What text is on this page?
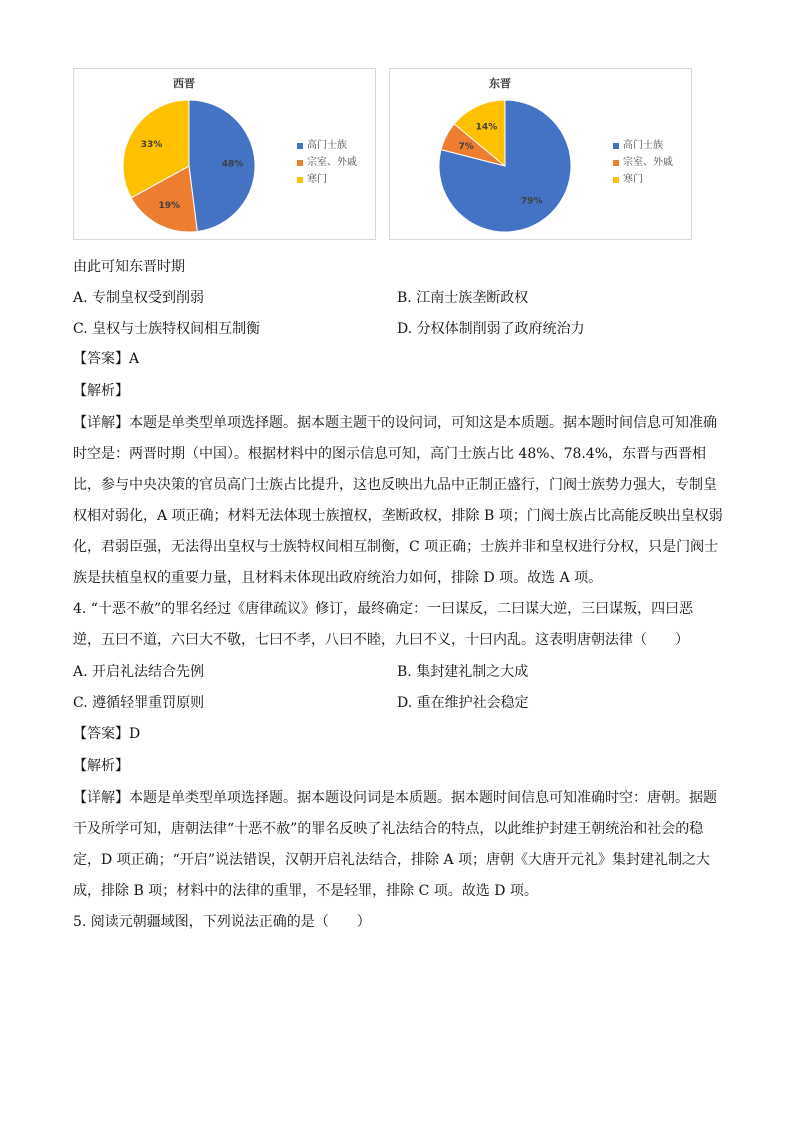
西晋
48%
19%
33%	高门士族
宗室、外戚
寒门
东晋
79%
7%
14%
高门士族
宗室、外戚
寒门
由此可知东晋时期
A. 专制皇权受到削弱	B. 江南士族垄断政权
C. 皇权与士族特权间相互制衡	D. 分权体制削弱了政府统治力
【答案】A
【解析】
【详解】本题是单类型单项选择题。据本题主题干的设问词，可知这是本质题。据本题时间信息可知准确
时空是：两晋时期（中国）。根据材料中的图示信息可知，高门士族占比 48%、78.4%，东晋与西晋相
比，参与中央决策的官员高门士族占比提升，这也反映出九品中正制正盛行，门阀士族势力强大，专制皇
权相对弱化，A 项正确；材料无法体现士族擅权，垄断政权，排除 B 项；门阀士族占比高能反映出皇权弱
化，君弱臣强，无法得出皇权与士族特权间相互制衡，C 项正确；士族并非和皇权进行分权，只是门阀士
族是扶植皇权的重要力量，且材料未体现出政府统治力如何，排除 D 项。故选 A 项。
4. “十恶不赦”的罪名经过《唐律疏议》修订，最终确定：一曰谋反，二曰谋大逆，三曰谋叛，四曰恶
逆，五曰不道，六曰大不敬，七曰不孝，八曰不睦，九曰不义，十曰内乱。这表明唐朝法律（　　）
A. 开启礼法结合先例	B. 集封建礼制之大成
C. 遵循轻罪重罚原则	D. 重在维护社会稳定
【答案】D
【解析】
【详解】本题是单类型单项选择题。据本题设问词是本质题。据本题时间信息可知准确时空：唐朝。据题
干及所学可知，唐朝法律“十恶不赦”的罪名反映了礼法结合的特点，以此维护封建王朝统治和社会的稳
定，D 项正确；“开启”说法错误，汉朝开启礼法结合，排除 A 项；唐朝《大唐开元礼》集封建礼制之大
成，排除 B 项；材料中的法律的重罪，不是轻罪，排除 C 项。故选 D 项。
5. 阅读元朝疆域图，下列说法正确的是（　　）
